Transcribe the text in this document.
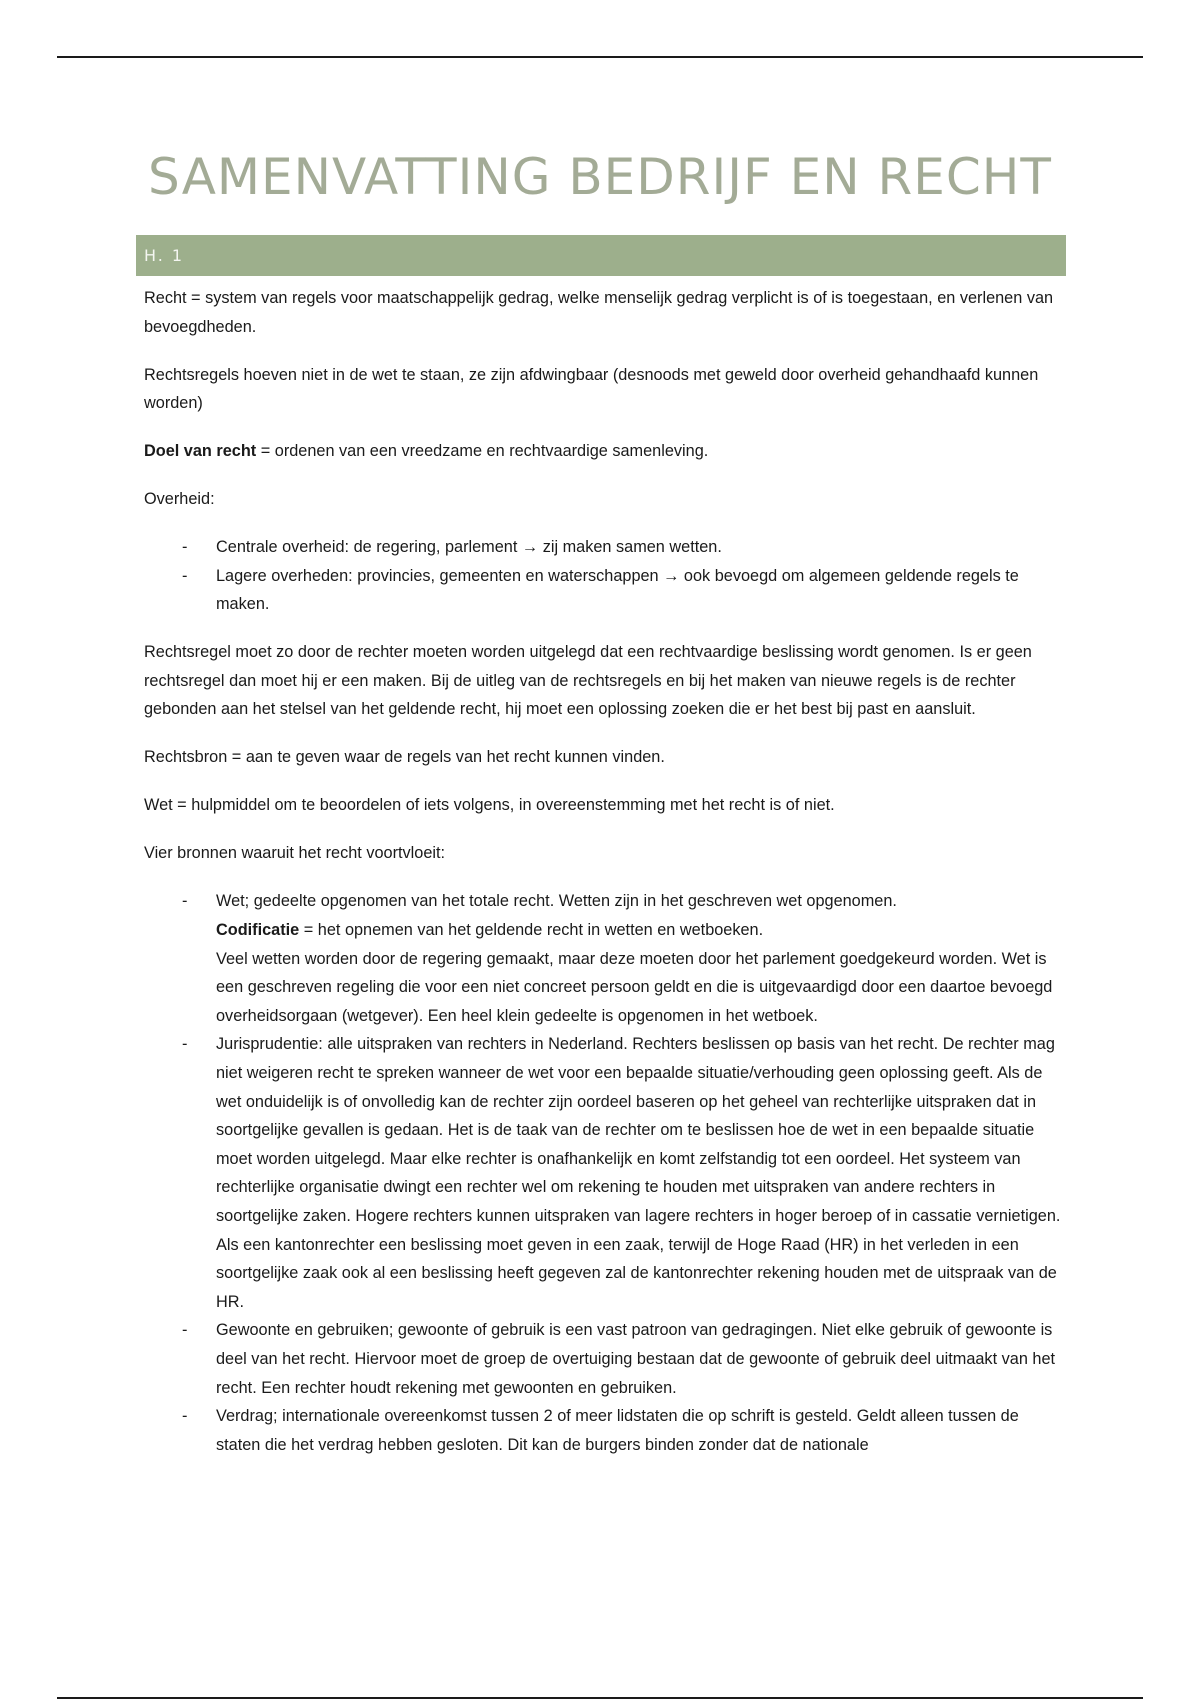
SAMENVATTING BEDRIJF EN RECHT
H. 1

Recht = system van regels voor maatschappelijk gedrag, welke menselijk gedrag verplicht is of is toegestaan, en verlenen van bevoegdheden.

Rechtsregels hoeven niet in de wet te staan, ze zijn afdwingbaar (desnoods met geweld door overheid gehandhaafd kunnen worden)

Doel van recht = ordenen van een vreedzame en rechtvaardige samenleving.

Overheid:

- Centrale overheid: de regering, parlement → zij maken samen wetten.
- Lagere overheden: provincies, gemeenten en waterschappen → ook bevoegd om algemeen geldende regels te maken.

Rechtsregel moet zo door de rechter moeten worden uitgelegd dat een rechtvaardige beslissing wordt genomen. Is er geen rechtsregel dan moet hij er een maken. Bij de uitleg van de rechtsregels en bij het maken van nieuwe regels is de rechter gebonden aan het stelsel van het geldende recht, hij moet een oplossing zoeken die er het best bij past en aansluit.

Rechtsbron = aan te geven waar de regels van het recht kunnen vinden.

Wet = hulpmiddel om te beoordelen of iets volgens, in overeenstemming met het recht is of niet.

Vier bronnen waaruit het recht voortvloeit:

- Wet; gedeelte opgenomen van het totale recht. Wetten zijn in het geschreven wet opgenomen.
Codificatie = het opnemen van het geldende recht in wetten en wetboeken.
Veel wetten worden door de regering gemaakt, maar deze moeten door het parlement goedgekeurd worden. Wet is een geschreven regeling die voor een niet concreet persoon geldt en die is uitgevaardigd door een daartoe bevoegd overheidsorgaan (wetgever). Een heel klein gedeelte is opgenomen in het wetboek.
- Jurisprudentie: alle uitspraken van rechters in Nederland. Rechters beslissen op basis van het recht. De rechter mag niet weigeren recht te spreken wanneer de wet voor een bepaalde situatie/verhouding geen oplossing geeft. Als de wet onduidelijk is of onvolledig kan de rechter zijn oordeel baseren op het geheel van rechterlijke uitspraken dat in soortgelijke gevallen is gedaan. Het is de taak van de rechter om te beslissen hoe de wet in een bepaalde situatie moet worden uitgelegd. Maar elke rechter is onafhankelijk en komt zelfstandig tot een oordeel. Het systeem van rechterlijke organisatie dwingt een rechter wel om rekening te houden met uitspraken van andere rechters in soortgelijke zaken. Hogere rechters kunnen uitspraken van lagere rechters in hoger beroep of in cassatie vernietigen.
Als een kantonrechter een beslissing moet geven in een zaak, terwijl de Hoge Raad (HR) in het verleden in een soortgelijke zaak ook al een beslissing heeft gegeven zal de kantonrechter rekening houden met de uitspraak van de HR.
- Gewoonte en gebruiken; gewoonte of gebruik is een vast patroon van gedragingen. Niet elke gebruik of gewoonte is deel van het recht. Hiervoor moet de groep de overtuiging bestaan dat de gewoonte of gebruik deel uitmaakt van het recht. Een rechter houdt rekening met gewoonten en gebruiken.
- Verdrag; internationale overeenkomst tussen 2 of meer lidstaten die op schrift is gesteld. Geldt alleen tussen de staten die het verdrag hebben gesloten. Dit kan de burgers binden zonder dat de nationale
